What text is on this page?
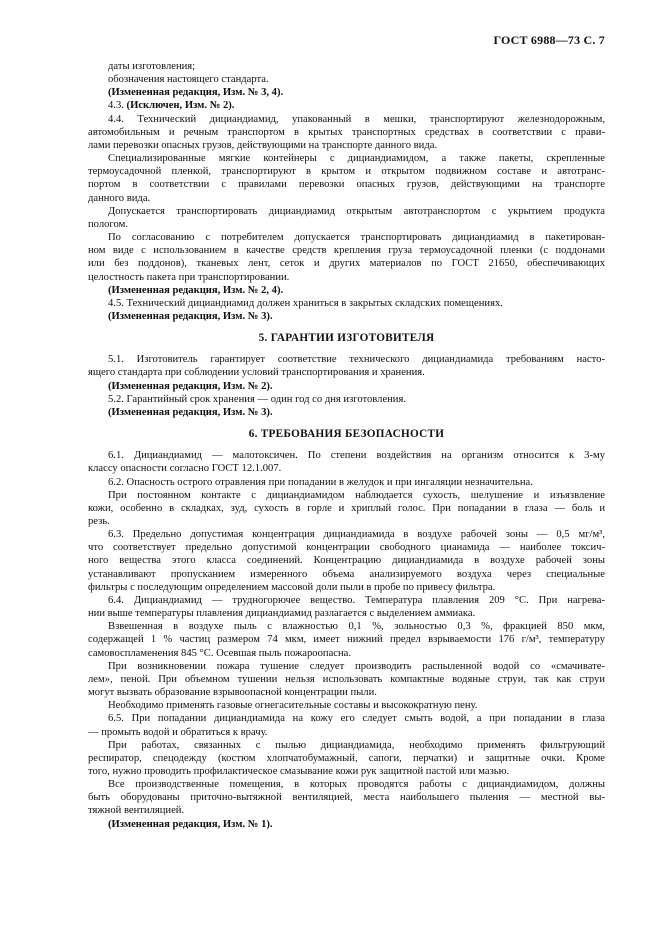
ГОСТ 6988—73 С. 7
даты изготовления;
обозначения настоящего стандарта.
(Измененная редакция, Изм. № 3, 4).
4.3. (Исключен, Изм. № 2).
4.4. Технический дициандиамид, упакованный в мешки, транспортируют железнодорожным,
автомобильным и речным транспортом в крытых транспортных средствах в соответствии с прави-
лами перевозки опасных грузов, действующими на транспорте данного вида.
Специализированные мягкие контейнеры с дициандиамидом, а также пакеты, скрепленные
термоусадочной пленкой, транспортируют в крытом и открытом подвижном составе и автотранс-
портом в соответствии с правилами перевозки опасных грузов, действующими на транспорте
данного вида.
Допускается транспортировать дициандиамид открытым автотранспортом с укрытием продукта
пологом.
По согласованию с потребителем допускается транспортировать дициандиамид в пакетирован-
ном виде с использованием в качестве средств крепления груза термоусадочной пленки (с поддонами
или без поддонов), тканевых лент, сеток и других материалов по ГОСТ 21650, обеспечивающих
целостность пакета при транспортировании.
(Измененная редакция, Изм. № 2, 4).
4.5. Технический дициандиамид должен храниться в закрытых складских помещениях.
(Измененная редакция, Изм. № 3).
5. ГАРАНТИИ ИЗГОТОВИТЕЛЯ
5.1. Изготовитель гарантирует соответствие технического дициандиамида требованиям насто-
ящего стандарта при соблюдении условий транспортирования и хранения.
(Измененная редакция, Изм. № 2).
5.2. Гарантийный срок хранения — один год со дня изготовления.
(Измененная редакция, Изм. № 3).
6. ТРЕБОВАНИЯ БЕЗОПАСНОСТИ
6.1. Дициандиамид — малотоксичен. По степени воздействия на организм относится к 3-му
классу опасности согласно ГОСТ 12.1.007.
6.2. Опасность острого отравления при попадании в желудок и при ингаляции незначительна.
При постоянном контакте с дициандиамидом наблюдается сухость, шелушение и изъязвление
кожи, особенно в складках, зуд, сухость в горле и хриплый голос. При попадании в глаза — боль и
резь.
6.3. Предельно допустимая концентрация дициандиамида в воздухе рабочей зоны — 0,5 мг/м³,
что соответствует предельно допустимой концентрации свободного цианамида — наиболее токсич-
ного вещества этого класса соединений. Концентрацию дициандиамида в воздухе рабочей зоны
устанавливают пропусканием измеренного объема анализируемого воздуха через специальные
фильтры с последующим определением массовой доли пыли в пробе по привесу фильтра.
6.4. Дициандиамид — трудногорючее вещество. Температура плавления 209 °С. При нагрева-
нии выше температуры плавления дициандиамид разлагается с выделением аммиака.
Взвешенная в воздухе пыль с влажностью 0,1 %, зольностью 0,3 %, фракцией 850 мкм,
содержащей 1 % частиц размером 74 мкм, имеет нижний предел взрываемости 176 г/м³, температуру
самовоспламенения 845 °С. Осевшая пыль пожароопасна.
При возникновении пожара тушение следует производить распыленной водой со «смачивате-
лем», пеной. При объемном тушении нельзя использовать компактные водяные струи, так как струи
могут вызвать образование взрывоопасной концентрации пыли.
Необходимо применять газовые огнегасительные составы и высокократную пену.
6.5. При попадании дициандиамида на кожу его следует смыть водой, а при попадании в глаза
— промыть водой и обратиться к врачу.
При работах, связанных с пылью дициандиамида, необходимо применять фильтрующий
респиратор, спецодежду (костюм хлопчатобумажный, сапоги, перчатки) и защитные очки. Кроме
того, нужно проводить профилактическое смазывание кожи рук защитной пастой или мазью.
Все производственные помещения, в которых проводятся работы с дициандиамидом, должны
быть оборудованы приточно-вытяжной вентиляцией, места наибольшего пыления — местной вы-
тяжной вентиляцией.
(Измененная редакция, Изм. № 1).
